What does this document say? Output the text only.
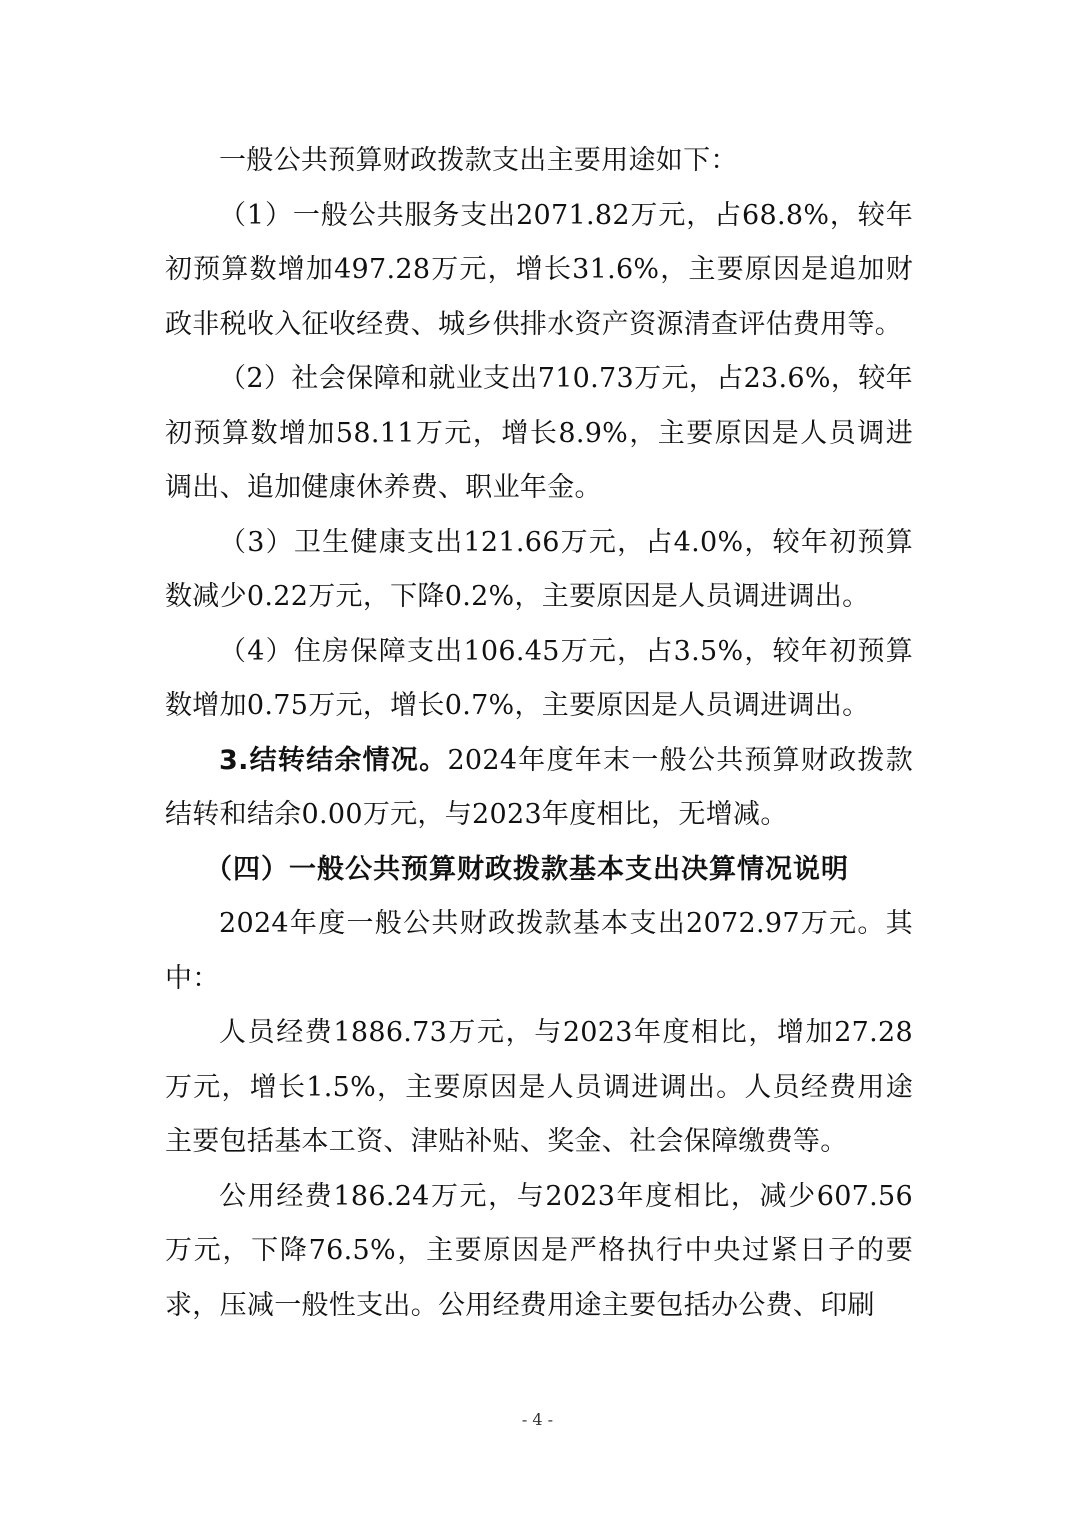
一般公共预算财政拨款支出主要用途如下：

（1）一般公共服务支出2071.82万元，占68.8%，较年初预算数增加497.28万元，增长31.6%，主要原因是追加财政非税收入征收经费、城乡供排水资产资源清查评估费用等。

（2）社会保障和就业支出710.73万元，占23.6%，较年初预算数增加58.11万元，增长8.9%，主要原因是人员调进调出、追加健康休养费、职业年金。

（3）卫生健康支出121.66万元，占4.0%，较年初预算数减少0.22万元，下降0.2%，主要原因是人员调进调出。

（4）住房保障支出106.45万元，占3.5%，较年初预算数增加0.75万元，增长0.7%，主要原因是人员调进调出。

3.结转结余情况。2024年度年末一般公共预算财政拨款结转和结余0.00万元，与2023年度相比，无增减。

（四）一般公共预算财政拨款基本支出决算情况说明

2024年度一般公共财政拨款基本支出2072.97万元。其中：

人员经费1886.73万元，与2023年度相比，增加27.28万元，增长1.5%，主要原因是人员调进调出。人员经费用途主要包括基本工资、津贴补贴、奖金、社会保障缴费等。

公用经费186.24万元，与2023年度相比，减少607.56万元，下降76.5%，主要原因是严格执行中央过紧日子的要求，压减一般性支出。公用经费用途主要包括办公费、印刷

- 4 -
